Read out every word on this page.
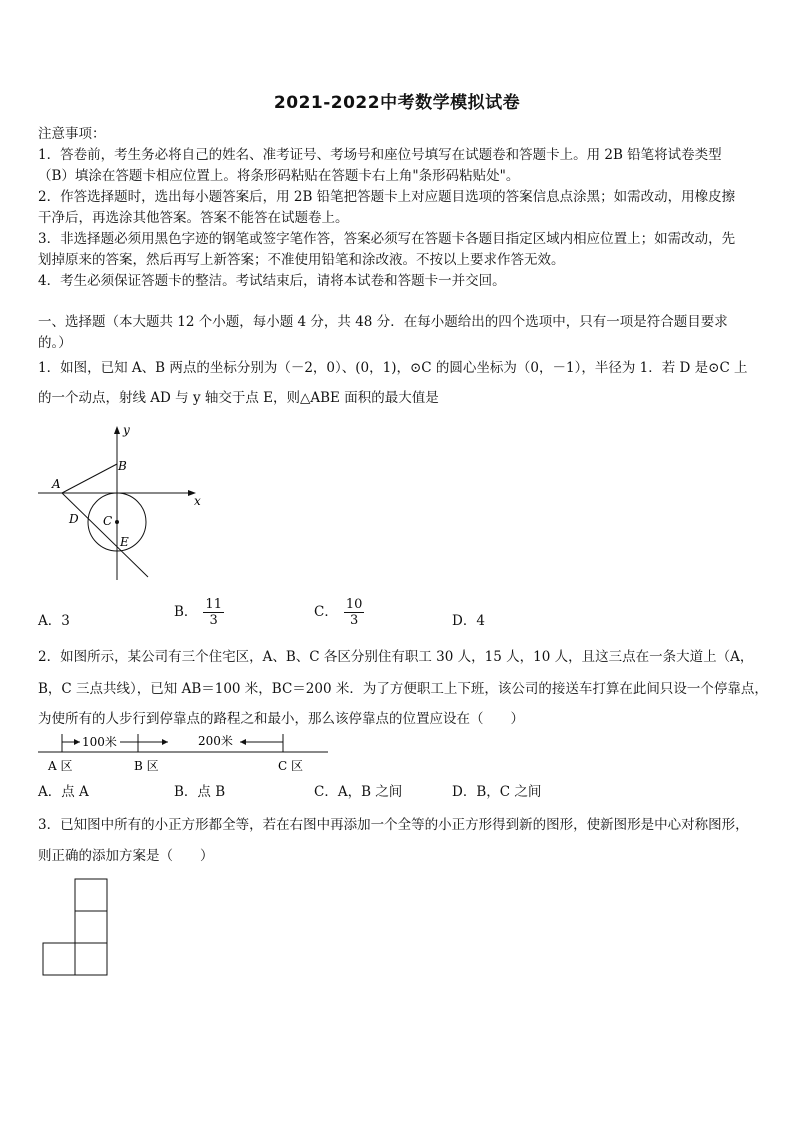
2021-2022中考数学模拟试卷
注意事项：
1．答卷前，考生务必将自己的姓名、准考证号、考场号和座位号填写在试题卷和答题卡上。用 2B 铅笔将试卷类型
（B）填涂在答题卡相应位置上。将条形码粘贴在答题卡右上角"条形码粘贴处"。
2．作答选择题时，选出每小题答案后，用 2B 铅笔把答题卡上对应题目选项的答案信息点涂黑；如需改动，用橡皮擦
干净后，再选涂其他答案。答案不能答在试题卷上。
3．非选择题必须用黑色字迹的钢笔或签字笔作答，答案必须写在答题卡各题目指定区域内相应位置上；如需改动，先
划掉原来的答案，然后再写上新答案；不准使用铅笔和涂改液。不按以上要求作答无效。
4．考生必须保证答题卡的整洁。考试结束后，请将本试卷和答题卡一并交回。
一、选择题（本大题共 12 个小题，每小题 4 分，共 48 分．在每小题给出的四个选项中，只有一项是符合题目要求
的。）
1．如图，已知 A、B 两点的坐标分别为（－2，0）、(0，1)，⊙C 的圆心坐标为（0，－1），半径为 1．若 D 是⊙C 上
的一个动点，射线 AD 与 y 轴交于点 E，则△ABE 面积的最大值是
y
x
A
B
C
D
E
A．3
B． $\frac{11}{3}$	C． $\frac{10}{3}$	D．4
2．如图所示，某公司有三个住宅区，A、B、C 各区分别住有职工 30 人，15 人，10 人，且这三点在一条大道上（A，
B，C 三点共线），已知 AB＝100 米，BC＝200 米．为了方便职工上下班，该公司的接送车打算在此间只设一个停靠点，
为使所有的人步行到停靠点的路程之和最小，那么该停靠点的位置应设在（　　）
100米	200米
A 区	B 区	C 区
A．点 A	B．点 B	C．A，B 之间	D．B，C 之间
3．已知图中所有的小正方形都全等，若在右图中再添加一个全等的小正方形得到新的图形，使新图形是中心对称图形，
则正确的添加方案是（　　）
